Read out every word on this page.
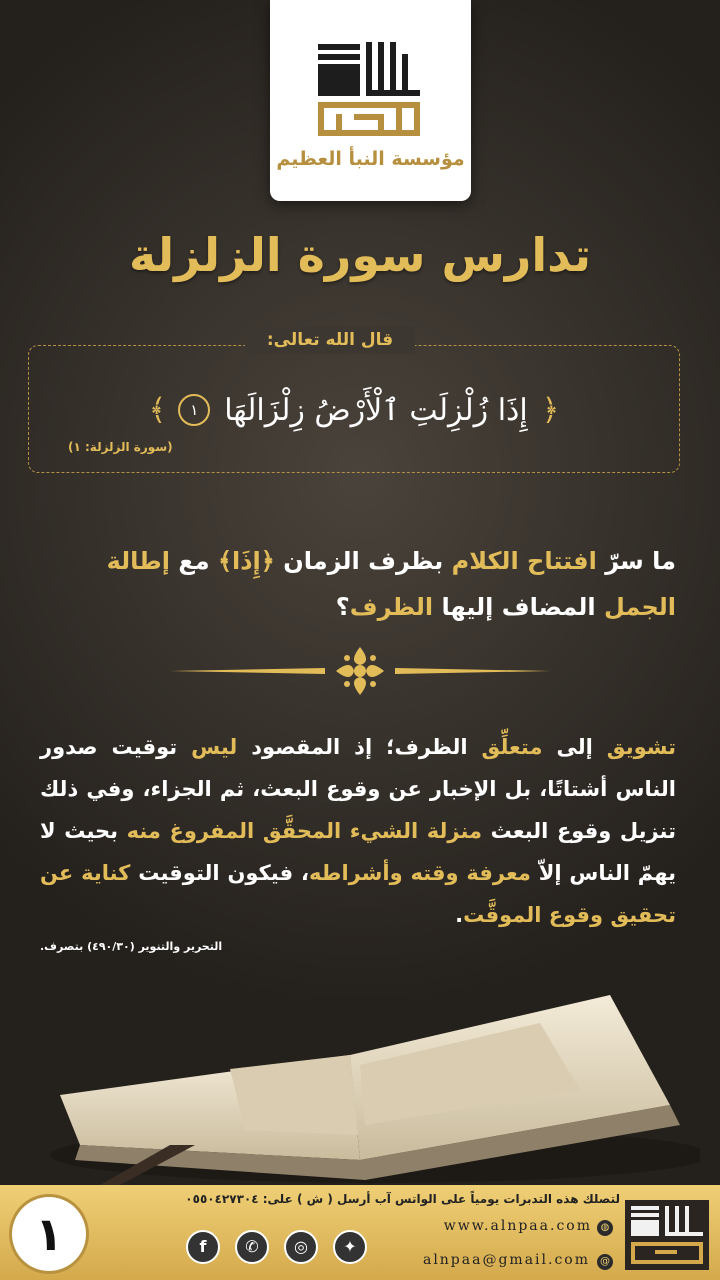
مؤسسة النبأ العظيم
تدارس سورة الزلزلة
قال الله تعالى:
﴿
إِذَا زُلْزِلَتِ ٱلْأَرْضُ زِلْزَالَهَا
١
﴾
(سورة الزلزلة: ١)
ما سرّ افتتاح الكلام بظرف الزمان ﴿إِذَا﴾ مع إطالة الجمل المضاف إليها الظرف؟
تشويق إلى متعلِّق الظرف؛ إذ المقصود ليس توقيت صدور الناس أشتاتًا، بل الإخبار عن وقوع البعث، ثم الجزاء، وفي ذلك تنزيل وقوع البعث منزلة الشيء المحقَّق المفروغ منه بحيث لا يهمّ الناس إلاّ معرفة وقته وأشراطه، فيكون التوقيت كناية عن تحقيق وقوع الموقَّت.
التحرير والتنوير (٤٩٠/٣٠) بتصرف.
١
لتصلك هذه التدبرات يومياً على الواتس آب أرسل ( ش ) على: ٠٥٥٠٤٢٧٣٠٤
◍
www.alnpaa.com
@
alnpaa@gmail.com
f	✆	◎	✦
